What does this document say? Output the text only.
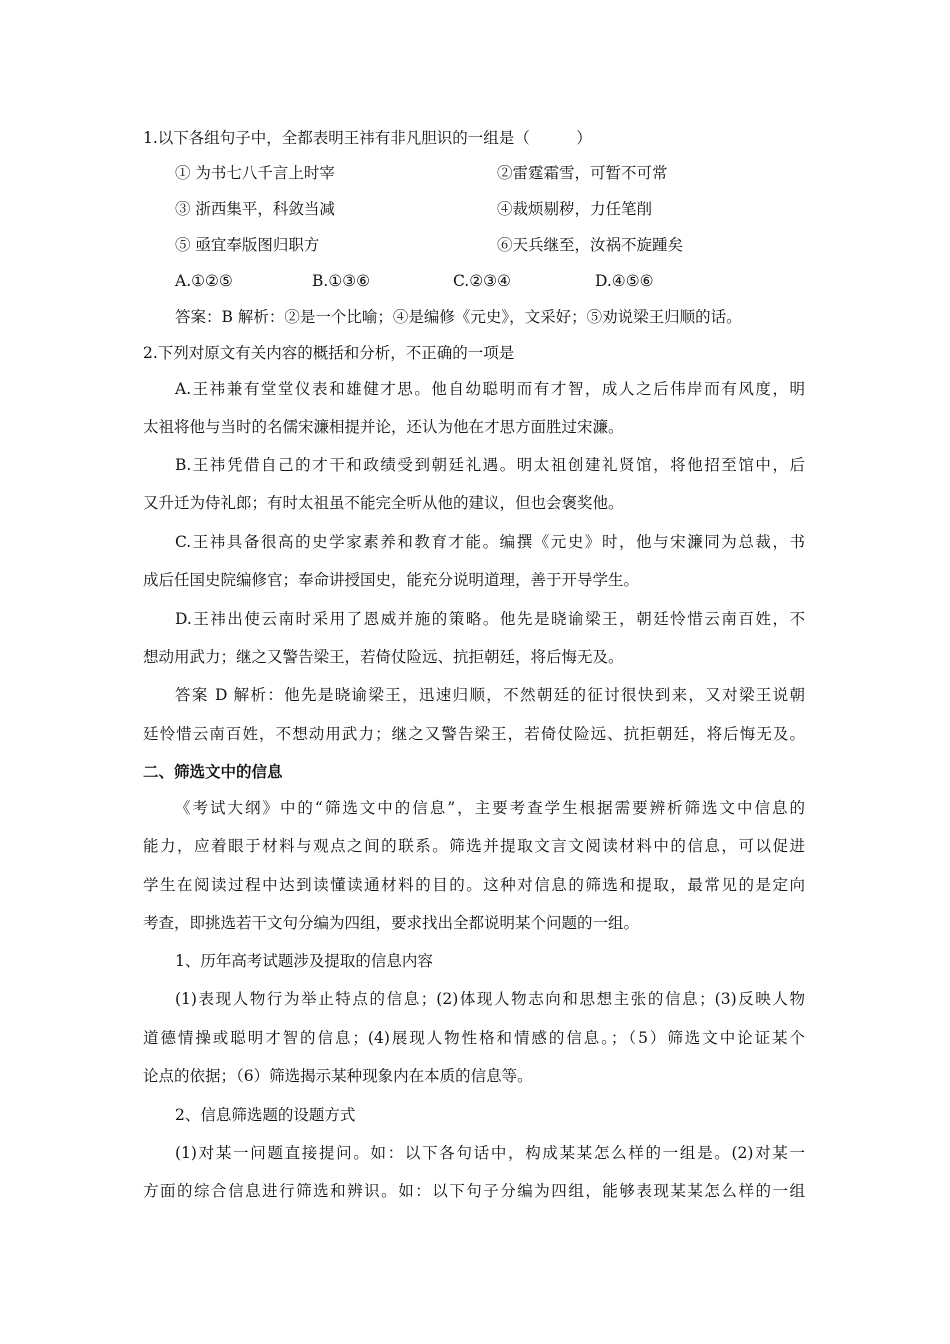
1.以下各组句子中，全都表明王祎有非凡胆识的一组是（　　　）
① 为书七八千言上时宰	②雷霆霜雪，可暂不可常
③ 浙西集平，科敛当减	④裁烦剔秽，力任笔削
⑤ 亟宜奉版图归职方	⑥天兵继至，汝祸不旋踵矣
A.①②⑤	B.①③⑥	C.②③④	D.④⑤⑥
答案：B 解析：②是一个比喻；④是编修《元史》，文采好；⑤劝说梁王归顺的话。
2.下列对原文有关内容的概括和分析，不正确的一项是
A.王祎兼有堂堂仪表和雄健才思。他自幼聪明而有才智，成人之后伟岸而有风度，明
太祖将他与当时的名儒宋濂相提并论，还认为他在才思方面胜过宋濂。
B.王祎凭借自己的才干和政绩受到朝廷礼遇。明太祖创建礼贤馆，将他招至馆中，后
又升迁为侍礼郎；有时太祖虽不能完全听从他的建议，但也会褒奖他。
C.王祎具备很高的史学家素养和教育才能。编撰《元史》时，他与宋濂同为总裁，书
成后任国史院编修官；奉命讲授国史，能充分说明道理，善于开导学生。
D.王祎出使云南时采用了恩威并施的策略。他先是晓谕梁王，朝廷怜惜云南百姓，不
想动用武力；继之又警告梁王，若倚仗险远、抗拒朝廷，将后悔无及。
答案 D 解析：他先是晓谕梁王，迅速归顺，不然朝廷的征讨很快到来，又对梁王说朝
廷怜惜云南百姓，不想动用武力；继之又警告梁王，若倚仗险远、抗拒朝廷，将后悔无及。
二、筛选文中的信息
《考试大纲》中的“筛选文中的信息”，主要考查学生根据需要辨析筛选文中信息的
能力，应着眼于材料与观点之间的联系。筛选并提取文言文阅读材料中的信息，可以促进
学生在阅读过程中达到读懂读通材料的目的。这种对信息的筛选和提取，最常见的是定向
考查，即挑选若干文句分编为四组，要求找出全都说明某个问题的一组。
1、历年高考试题涉及提取的信息内容
(1)表现人物行为举止特点的信息；(2)体现人物志向和思想主张的信息；(3)反映人物
道德情操或聪明才智的信息；(4)展现人物性格和情感的信息。；（5）筛选文中论证某个
论点的依据；（6）筛选揭示某种现象内在本质的信息等。
2、信息筛选题的设题方式
(1)对某一问题直接提问。如：以下各句话中，构成某某怎么样的一组是。(2)对某一
方面的综合信息进行筛选和辨识。如：以下句子分编为四组，能够表现某某怎么样的一组
